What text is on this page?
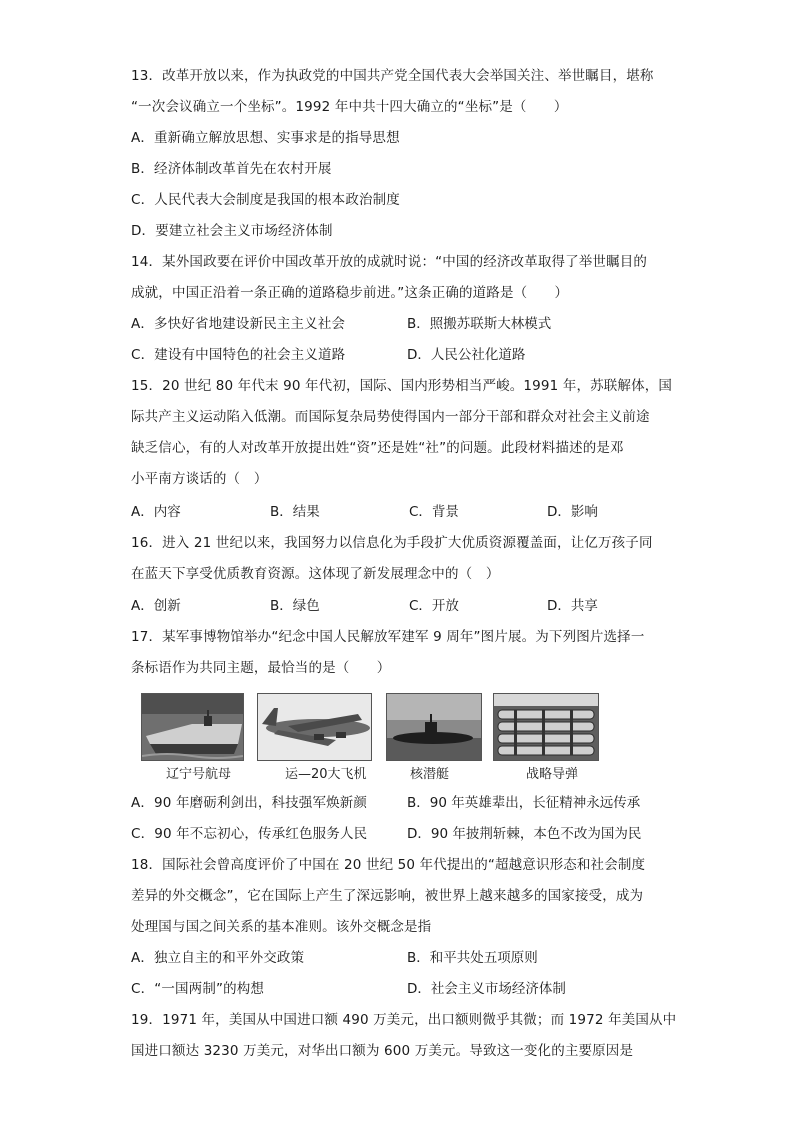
13．改革开放以来，作为执政党的中国共产党全国代表大会举国关注、举世瞩目，堪称
“一次会议确立一个坐标”。1992 年中共十四大确立的“坐标”是（　　）
A．重新确立解放思想、实事求是的指导思想
B．经济体制改革首先在农村开展
C．人民代表大会制度是我国的根本政治制度
D．要建立社会主义市场经济体制
14．某外国政要在评价中国改革开放的成就时说：“中国的经济改革取得了举世瞩目的
成就，中国正沿着一条正确的道路稳步前进。”这条正确的道路是（　　）
A．多快好省地建设新民主主义社会	B．照搬苏联斯大林模式
C．建设有中国特色的社会主义道路	D．人民公社化道路
15．20 世纪 80 年代末 90 年代初，国际、国内形势相当严峻。1991 年，苏联解体，国
际共产主义运动陷入低潮。而国际复杂局势使得国内一部分干部和群众对社会主义前途
缺乏信心，有的人对改革开放提出姓“资”还是姓“社”的问题。此段材料描述的是邓
小平南方谈话的（　）
A．内容	B．结果	C．背景	D．影响
16．进入 21 世纪以来，我国努力以信息化为手段扩大优质资源覆盖面，让亿万孩子同
在蓝天下享受优质教育资源。这体现了新发展理念中的（　）
A．创新	B．绿色	C．开放	D．共享
17．某军事博物馆举办“纪念中国人民解放军建军 9 周年”图片展。为下列图片选择一
条标语作为共同主题，最恰当的是（　　）
辽宁号航母	运—20大飞机	核潜艇	战略导弹
A．90 年磨砺利剑出，科技强军焕新颜	B．90 年英雄辈出，长征精神永远传承
C．90 年不忘初心，传承红色服务人民	D．90 年披荆斩棘，本色不改为国为民
18．国际社会曾高度评价了中国在 20 世纪 50 年代提出的“超越意识形态和社会制度
差异的外交概念”，它在国际上产生了深远影响，被世界上越来越多的国家接受，成为
处理国与国之间关系的基本准则。该外交概念是指
A．独立自主的和平外交政策	B．和平共处五项原则
C．“一国两制”的构想	D．社会主义市场经济体制
19．1971 年，美国从中国进口额 490 万美元，出口额则微乎其微；而 1972 年美国从中
国进口额达 3230 万美元，对华出口额为 600 万美元。导致这一变化的主要原因是
